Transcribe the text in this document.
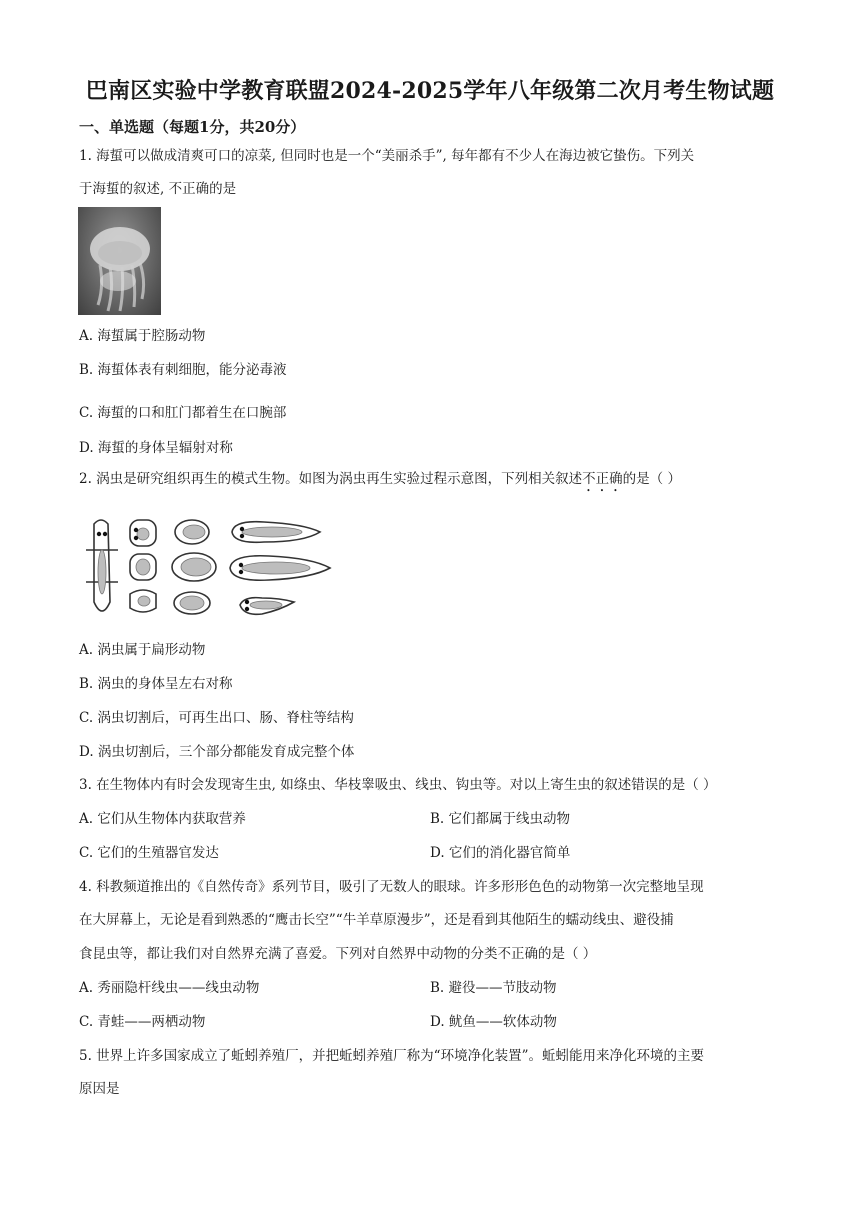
巴南区实验中学教育联盟2024-2025学年八年级第二次月考生物试题
一、单选题（每题1分，共20分）
1. 海蜇可以做成清爽可口的凉菜, 但同时也是一个“美丽杀手”, 每年都有不少人在海边被它蛰伤。下列关
于海蜇的叙述, 不正确的是
A. 海蜇属于腔肠动物
B. 海蜇体表有刺细胞，能分泌毒液
C. 海蜇的口和肛门都着生在口腕部
D. 海蜇的身体呈辐射对称
2. 涡虫是研究组织再生的模式生物。如图为涡虫再生实验过程示意图，下列相关叙述不正确的是（ ）
A. 涡虫属于扁形动物
B. 涡虫的身体呈左右对称
C. 涡虫切割后，可再生出口、肠、脊柱等结构
D. 涡虫切割后，三个部分都能发育成完整个体
3. 在生物体内有时会发现寄生虫, 如绦虫、华枝睾吸虫、线虫、钩虫等。对以上寄生虫的叙述错误的是（ ）
A. 它们从生物体内获取营养	B. 它们都属于线虫动物
C. 它们的生殖器官发达	D. 它们的消化器官简单
4. 科教频道推出的《自然传奇》系列节目，吸引了无数人的眼球。许多形形色色的动物第一次完整地呈现
在大屏幕上，无论是看到熟悉的“鹰击长空”“牛羊草原漫步”，还是看到其他陌生的蠕动线虫、避役捕
食昆虫等，都让我们对自然界充满了喜爱。下列对自然界中动物的分类不正确的是（ ）
A. 秀丽隐杆线虫——线虫动物	B. 避役——节肢动物
C. 青蛙——两栖动物	D. 鱿鱼——软体动物
5. 世界上许多国家成立了蚯蚓养殖厂，并把蚯蚓养殖厂称为“环境净化装置”。蚯蚓能用来净化环境的主要
原因是
